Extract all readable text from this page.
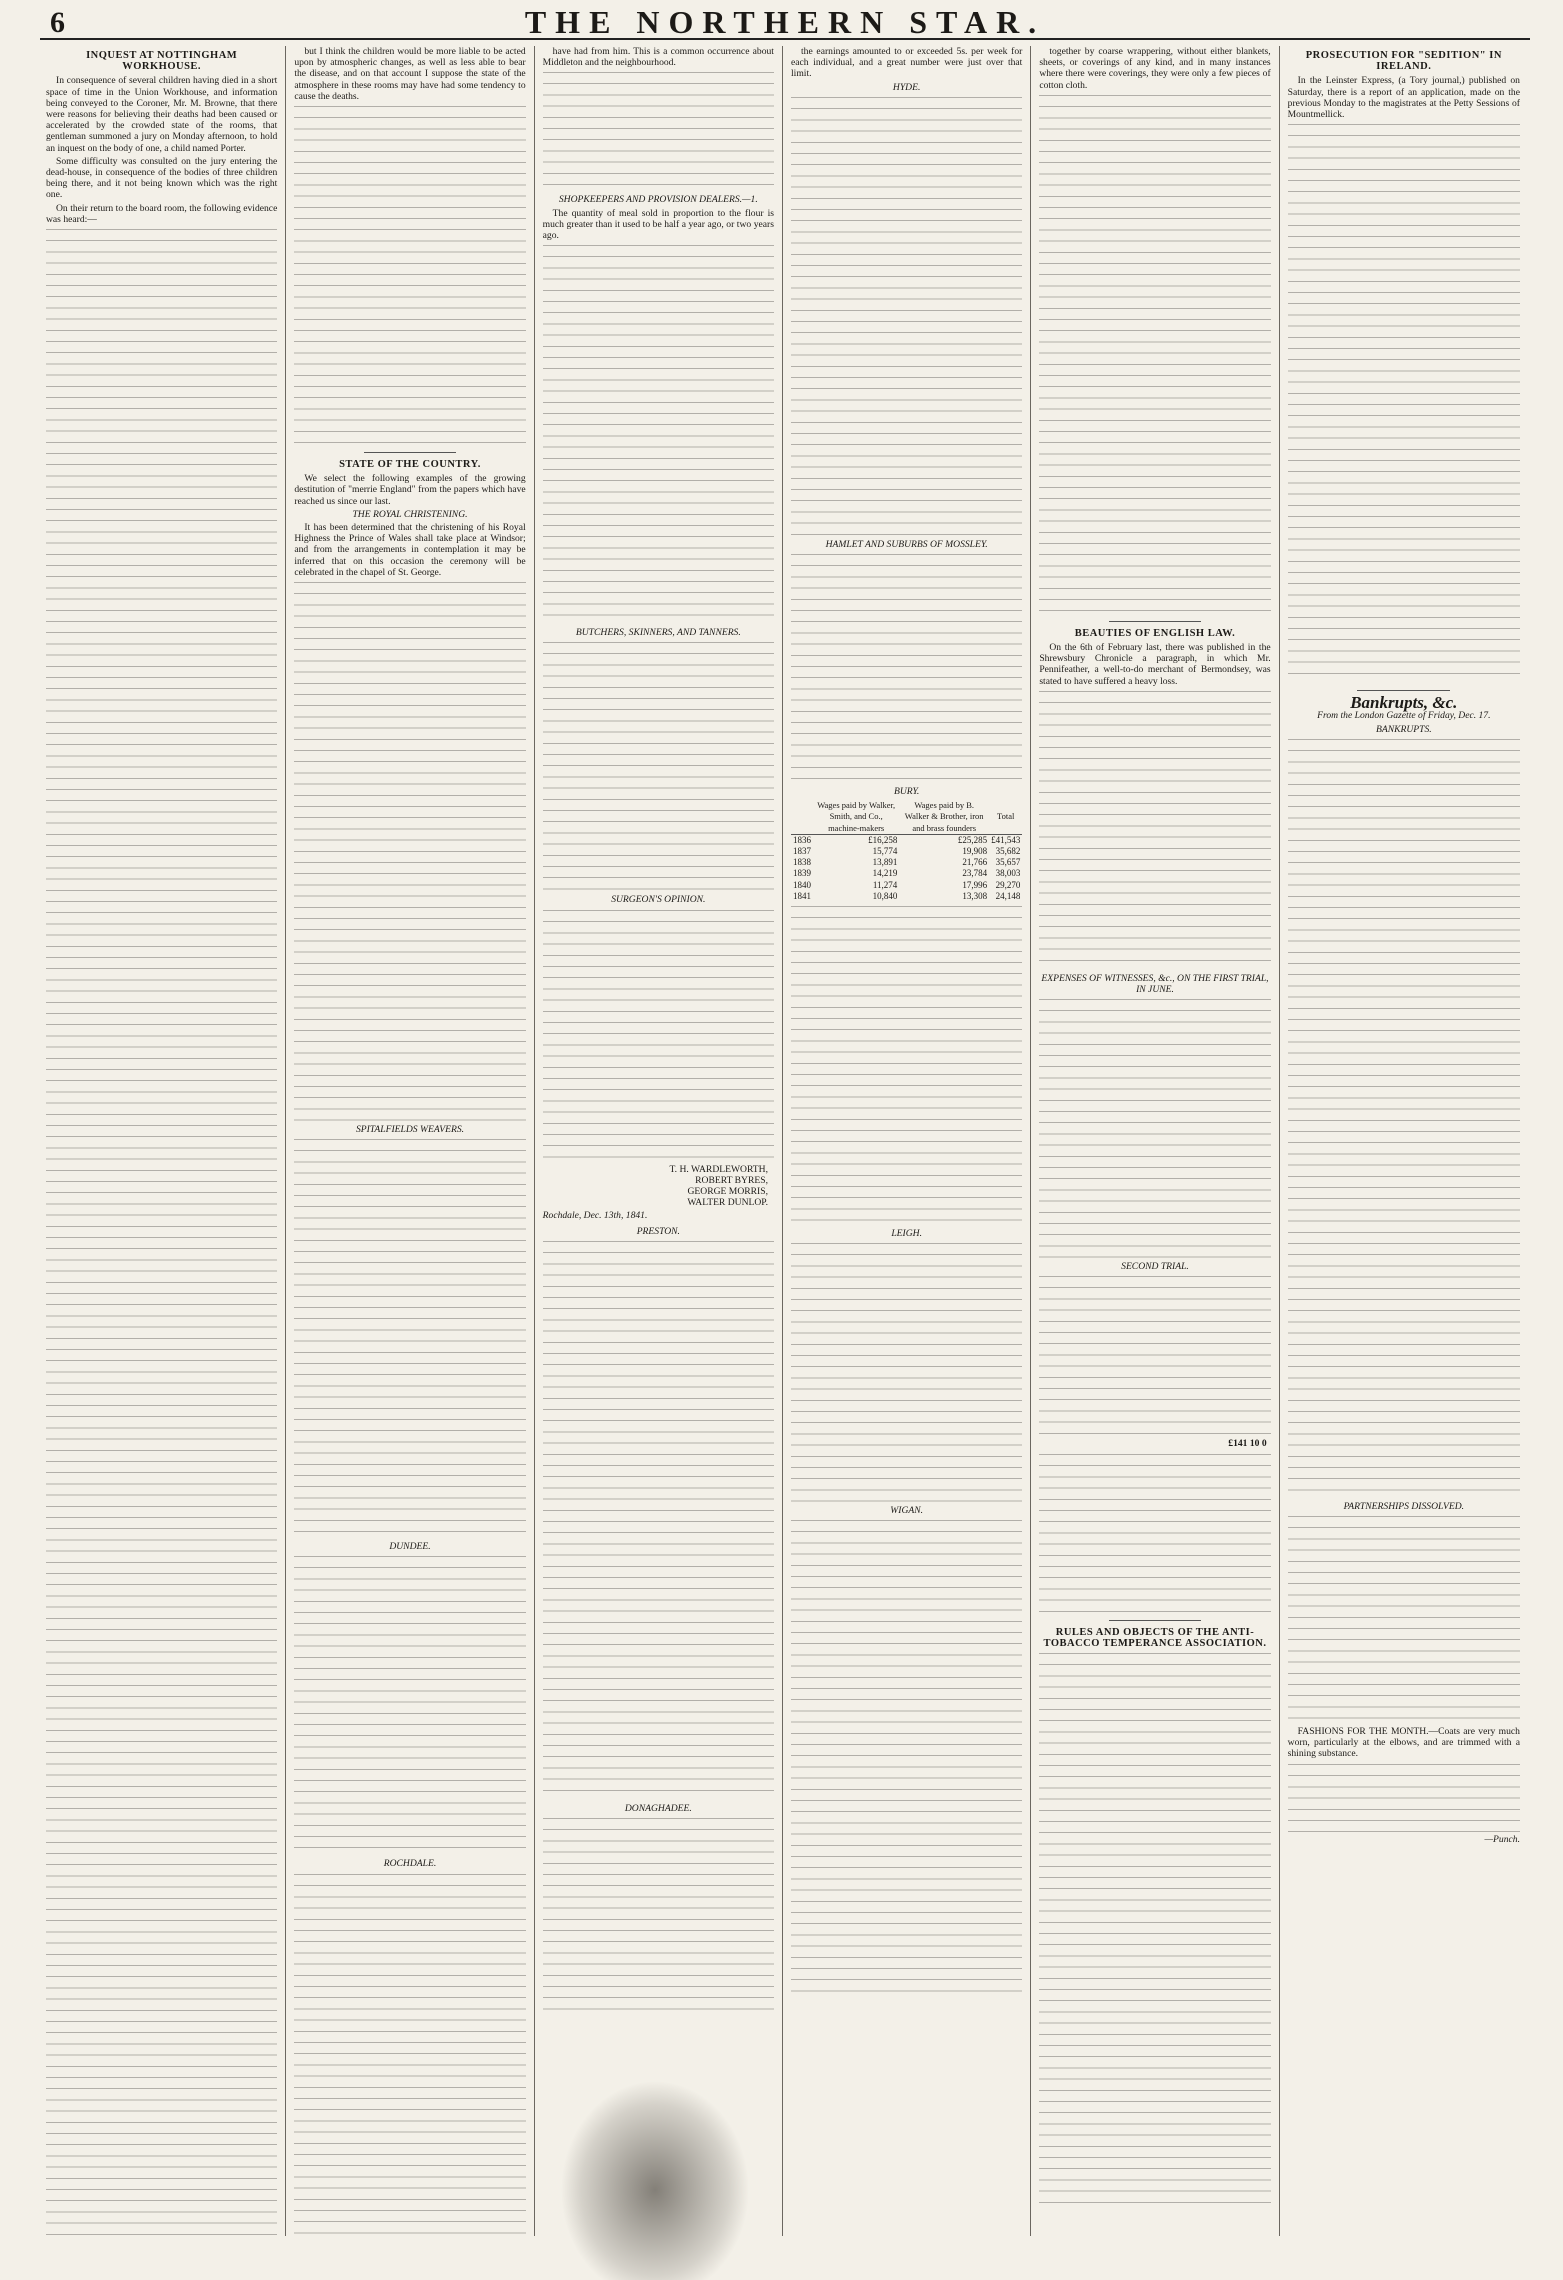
6	THE NORTHERN STAR.
INQUEST AT NOTTINGHAM WORKHOUSE.

In consequence of several children having died in a short space of time in the Union Workhouse, and information being conveyed to the Coroner, Mr. M. Browne, that there were reasons for believing their deaths had been caused or accelerated by the crowded state of the rooms, that gentleman summoned a jury on Monday afternoon, to hold an inquest on the body of one, a child named Porter.

Some difficulty was consulted on the jury entering the dead-house, in consequence of the bodies of three children being there, and it not being known which was the right one.

On their return to the board room, the following evidence was heard:—

but I think the children would be more liable to be acted upon by atmospheric changes, as well as less able to bear the disease, and on that account I suppose the state of the atmosphere in these rooms may have had some tendency to cause the deaths.

STATE OF THE COUNTRY.

We select the following examples of the growing destitution of "merrie England" from the papers which have reached us since our last.

THE ROYAL CHRISTENING.

It has been determined that the christening of his Royal Highness the Prince of Wales shall take place at Windsor; and from the arrangements in contemplation it may be inferred that on this occasion the ceremony will be celebrated in the chapel of St. George.

SPITALFIELDS WEAVERS.
DUNDEE.
ROCHDALE.

have had from him. This is a common occurrence about Middleton and the neighbourhood.

SHOPKEEPERS AND PROVISION DEALERS.—1.

The quantity of meal sold in proportion to the flour is much greater than it used to be half a year ago, or two years ago.

BUTCHERS, SKINNERS, AND TANNERS.
SURGEON'S OPINION.
T. H. WARDLEWORTH,
ROBERT BYRES,
GEORGE MORRIS,
WALTER DUNLOP.
Rochdale, Dec. 13th, 1841.
PRESTON.
DONAGHADEE.

the earnings amounted to or exceeded 5s. per week for each individual, and a great number were just over that limit.

HYDE.
HAMLET AND SUBURBS OF MOSSLEY.
BURY.
	Wages paid by Walker, Smith, and Co., machine-makers	Wages paid by B. Walker & Brother, iron and brass founders	Total
1836	£16,258	£25,285	£41,543
1837	15,774	19,908	35,682
1838	13,891	21,766	35,657
1839	14,219	23,784	38,003
1840	11,274	17,996	29,270
1841	10,840	13,308	24,148
LEIGH.
WIGAN.

together by coarse wrappering, without either blankets, sheets, or coverings of any kind, and in many instances where there were coverings, they were only a few pieces of cotton cloth.

BEAUTIES OF ENGLISH LAW.

On the 6th of February last, there was published in the Shrewsbury Chronicle a paragraph, in which Mr. Pennifeather, a well-to-do merchant of Bermondsey, was stated to have suffered a heavy loss.

EXPENSES OF WITNESSES, &c., ON THE FIRST TRIAL, IN JUNE.
SECOND TRIAL.
£141 10 0
RULES AND OBJECTS OF THE ANTI-TOBACCO TEMPERANCE ASSOCIATION.
PROSECUTION FOR "SEDITION" IN IRELAND.

In the Leinster Express, (a Tory journal,) published on Saturday, there is a report of an application, made on the previous Monday to the magistrates at the Petty Sessions of Mountmellick.

Bankrupts, &c.
From the London Gazette of Friday, Dec. 17.
BANKRUPTS.
PARTNERSHIPS DISSOLVED.

FASHIONS FOR THE MONTH.—Coats are very much worn, particularly at the elbows, and are trimmed with a shining substance.

—Punch.
